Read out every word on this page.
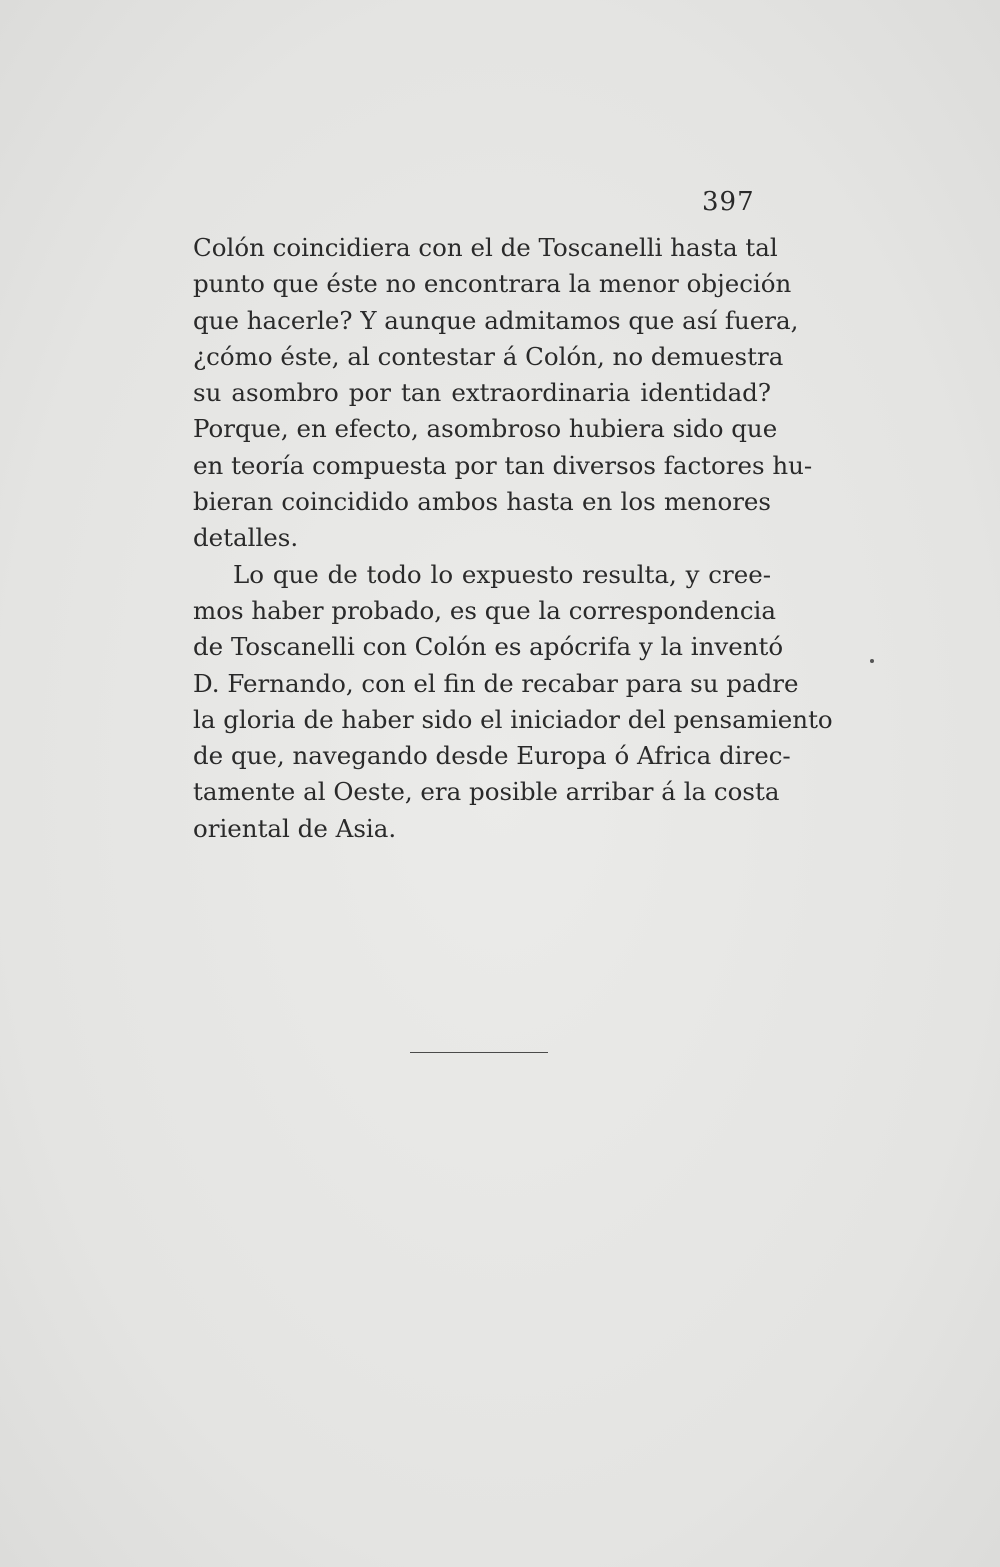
397
Colón coincidiera con el de Toscanelli hasta tal
punto que éste no encontrara la menor objeción
que hacerle? Y aunque admitamos que así fuera,
¿cómo éste, al contestar á Colón, no demuestra
su asombro por tan extraordinaria identidad?
Porque, en efecto, asombroso hubiera sido que
en teoría compuesta por tan diversos factores hu-
bieran coincidido ambos hasta en los menores
detalles.
Lo que de todo lo expuesto resulta, y cree-
mos haber probado, es que la correspondencia
de Toscanelli con Colón es apócrifa y la inventó
D. Fernando, con el fin de recabar para su padre
la gloria de haber sido el iniciador del pensamiento
de que, navegando desde Europa ó Africa direc-
tamente al Oeste, era posible arribar á la costa
oriental de Asia.
